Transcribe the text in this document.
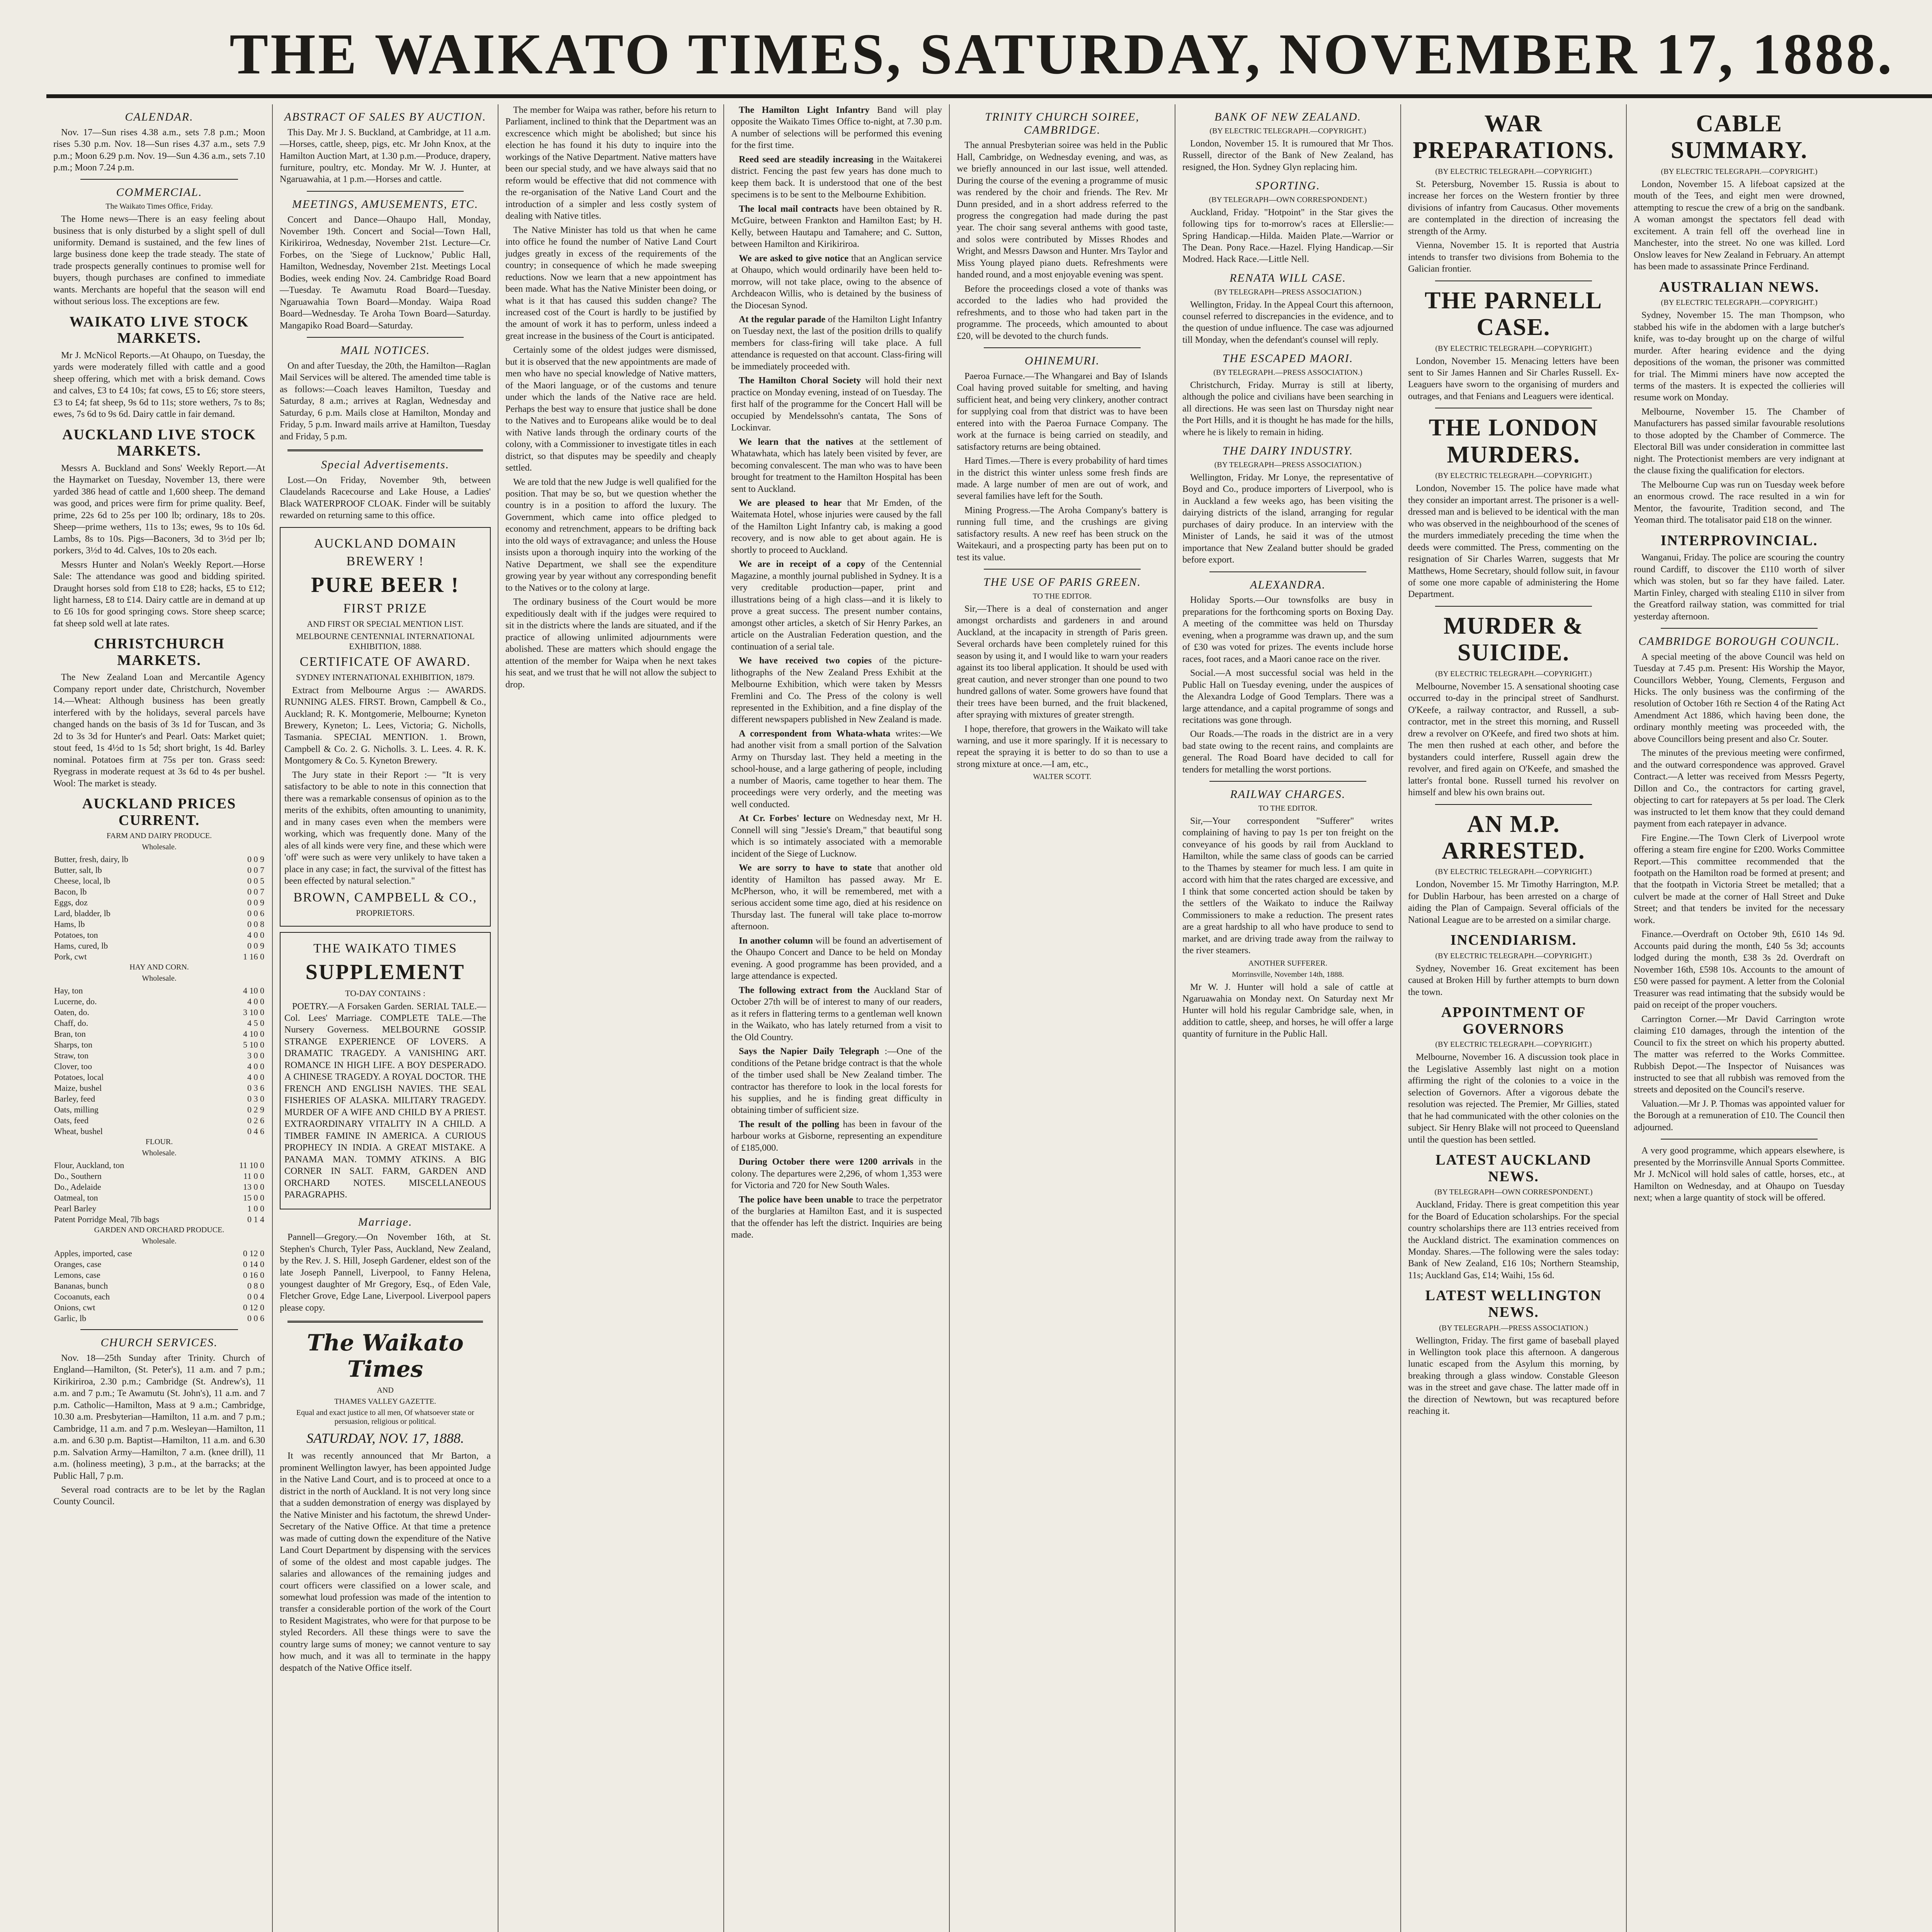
THE WAIKATO TIMES, SATURDAY, NOVEMBER 17, 1888.
CALENDAR.

Nov. 17—Sun rises 4.38 a.m., sets 7.8 p.m.; Moon rises 5.30 p.m. Nov. 18—Sun rises 4.37 a.m., sets 7.9 p.m.; Moon 6.29 p.m. Nov. 19—Sun 4.36 a.m., sets 7.10 p.m.; Moon 7.24 p.m.

COMMERCIAL.
The Waikato Times Office, Friday.

The Home news—There is an easy feeling about business that is only disturbed by a slight spell of dull uniformity. Demand is sustained, and the few lines of large business done keep the trade steady. The state of trade prospects generally continues to promise well for buyers, though purchases are confined to immediate wants. Merchants are hopeful that the season will end without serious loss. The exceptions are few.

WAIKATO LIVE STOCK MARKETS.

Mr J. McNicol Reports.—At Ohaupo, on Tuesday, the yards were moderately filled with cattle and a good sheep offering, which met with a brisk demand. Cows and calves, £3 to £4 10s; fat cows, £5 to £6; store steers, £3 to £4; fat sheep, 9s 6d to 11s; store wethers, 7s to 8s; ewes, 7s 6d to 9s 6d. Dairy cattle in fair demand.

AUCKLAND LIVE STOCK MARKETS.

Messrs A. Buckland and Sons' Weekly Report.—At the Haymarket on Tuesday, November 13, there were yarded 386 head of cattle and 1,600 sheep. The demand was good, and prices were firm for prime quality. Beef, prime, 22s 6d to 25s per 100 lb; ordinary, 18s to 20s. Sheep—prime wethers, 11s to 13s; ewes, 9s to 10s 6d. Lambs, 8s to 10s. Pigs—Baconers, 3d to 3½d per lb; porkers, 3½d to 4d. Calves, 10s to 20s each.

Messrs Hunter and Nolan's Weekly Report.—Horse Sale: The attendance was good and bidding spirited. Draught horses sold from £18 to £28; hacks, £5 to £12; light harness, £8 to £14. Dairy cattle are in demand at up to £6 10s for good springing cows. Store sheep scarce; fat sheep sold well at late rates.

CHRISTCHURCH MARKETS.

The New Zealand Loan and Mercantile Agency Company report under date, Christchurch, November 14.—Wheat: Although business has been greatly interfered with by the holidays, several parcels have changed hands on the basis of 3s 1d for Tuscan, and 3s 2d to 3s 3d for Hunter's and Pearl. Oats: Market quiet; stout feed, 1s 4½d to 1s 5d; short bright, 1s 4d. Barley nominal. Potatoes firm at 75s per ton. Grass seed: Ryegrass in moderate request at 3s 6d to 4s per bushel. Wool: The market is steady.

AUCKLAND PRICES CURRENT.
FARM AND DAIRY PRODUCE.
Wholesale.
Butter, fresh, dairy, lb	0 0 9
Butter, salt, lb	0 0 7
Cheese, local, lb	0 0 5
Bacon, lb	0 0 7
Eggs, doz	0 0 9
Lard, bladder, lb	0 0 6
Hams, lb	0 0 8
Potatoes, ton	4 0 0
Hams, cured, lb	0 0 9
Pork, cwt	1 16 0
HAY AND CORN.
Wholesale.
Hay, ton	4 10 0
Lucerne, do.	4 0 0
Oaten, do.	3 10 0
Chaff, do.	4 5 0
Bran, ton	4 10 0
Sharps, ton	5 10 0
Straw, ton	3 0 0
Clover, too	4 0 0
Potatoes, local	4 0 0
Maize, bushel	0 3 6
Barley, feed	0 3 0
Oats, milling	0 2 9
Oats, feed	0 2 6
Wheat, bushel	0 4 6
FLOUR.
Wholesale.
Flour, Auckland, ton	11 10 0
Do., Southern	11 0 0
Do., Adelaide	13 0 0
Oatmeal, ton	15 0 0
Pearl Barley	1 0 0
Patent Porridge Meal, 7lb bags	0 1 4
GARDEN AND ORCHARD PRODUCE.
Wholesale.
Apples, imported, case	0 12 0
Oranges, case	0 14 0
Lemons, case	0 16 0
Bananas, bunch	0 8 0
Cocoanuts, each	0 0 4
Onions, cwt	0 12 0
Garlic, lb	0 0 6
CHURCH SERVICES.

Nov. 18—25th Sunday after Trinity. Church of England—Hamilton, (St. Peter's), 11 a.m. and 7 p.m.; Kirikiriroa, 2.30 p.m.; Cambridge (St. Andrew's), 11 a.m. and 7 p.m.; Te Awamutu (St. John's), 11 a.m. and 7 p.m. Catholic—Hamilton, Mass at 9 a.m.; Cambridge, 10.30 a.m. Presbyterian—Hamilton, 11 a.m. and 7 p.m.; Cambridge, 11 a.m. and 7 p.m. Wesleyan—Hamilton, 11 a.m. and 6.30 p.m. Baptist—Hamilton, 11 a.m. and 6.30 p.m. Salvation Army—Hamilton, 7 a.m. (knee drill), 11 a.m. (holiness meeting), 3 p.m., at the barracks; at the Public Hall, 7 p.m.

Several road contracts are to be let by the Raglan County Council.

ABSTRACT OF SALES BY AUCTION.

This Day. Mr J. S. Buckland, at Cambridge, at 11 a.m.—Horses, cattle, sheep, pigs, etc. Mr John Knox, at the Hamilton Auction Mart, at 1.30 p.m.—Produce, drapery, furniture, poultry, etc. Monday. Mr W. J. Hunter, at Ngaruawahia, at 1 p.m.—Horses and cattle.

MEETINGS, AMUSEMENTS, ETC.

Concert and Dance—Ohaupo Hall, Monday, November 19th. Concert and Social—Town Hall, Kirikiriroa, Wednesday, November 21st. Lecture—Cr. Forbes, on the 'Siege of Lucknow,' Public Hall, Hamilton, Wednesday, November 21st. Meetings Local Bodies, week ending Nov. 24. Cambridge Road Board—Tuesday. Te Awamutu Road Board—Tuesday. Ngaruawahia Town Board—Monday. Waipa Road Board—Wednesday. Te Aroha Town Board—Saturday. Mangapiko Road Board—Saturday.

MAIL NOTICES.

On and after Tuesday, the 20th, the Hamilton—Raglan Mail Services will be altered. The amended time table is as follows:—Coach leaves Hamilton, Tuesday and Saturday, 8 a.m.; arrives at Raglan, Wednesday and Saturday, 6 p.m. Mails close at Hamilton, Monday and Friday, 5 p.m. Inward mails arrive at Hamilton, Tuesday and Friday, 5 p.m.

Special Advertisements.

Lost.—On Friday, November 9th, between Claudelands Racecourse and Lake House, a Ladies' Black WATERPROOF CLOAK. Finder will be suitably rewarded on returning same to this office.

AUCKLAND DOMAIN
BREWERY !
PURE BEER !
FIRST PRIZE
AND FIRST OR SPECIAL MENTION LIST.
MELBOURNE CENTENNIAL INTERNATIONAL EXHIBITION, 1888.
CERTIFICATE OF AWARD.
SYDNEY INTERNATIONAL EXHIBITION, 1879.

Extract from Melbourne Argus :— AWARDS. RUNNING ALES. FIRST. Brown, Campbell & Co., Auckland; R. K. Montgomerie, Melbourne; Kyneton Brewery, Kyneton; L. Lees, Victoria; G. Nicholls, Tasmania. SPECIAL MENTION. 1. Brown, Campbell & Co. 2. G. Nicholls. 3. L. Lees. 4. R. K. Montgomery & Co. 5. Kyneton Brewery.

The Jury state in their Report :— "It is very satisfactory to be able to note in this connection that there was a remarkable consensus of opinion as to the merits of the exhibits, often amounting to unanimity, and in many cases even when the members were working, which was frequently done. Many of the ales of all kinds were very fine, and these which were 'off' were such as were very unlikely to have taken a place in any case; in fact, the survival of the fittest has been effected by natural selection."

BROWN, CAMPBELL & CO.,
PROPRIETORS.
THE WAIKATO TIMES
SUPPLEMENT
TO-DAY CONTAINS :

POETRY.—A Forsaken Garden. SERIAL TALE.—Col. Lees' Marriage. COMPLETE TALE.—The Nursery Governess. MELBOURNE GOSSIP. STRANGE EXPERIENCE OF LOVERS. A DRAMATIC TRAGEDY. A VANISHING ART. ROMANCE IN HIGH LIFE. A BOY DESPERADO. A CHINESE TRAGEDY. A ROYAL DOCTOR. THE FRENCH AND ENGLISH NAVIES. THE SEAL FISHERIES OF ALASKA. MILITARY TRAGEDY. MURDER OF A WIFE AND CHILD BY A PRIEST. EXTRAORDINARY VITALITY IN A CHILD. A TIMBER FAMINE IN AMERICA. A CURIOUS PROPHECY IN INDIA. A GREAT MISTAKE. A PANAMA MAN. TOMMY ATKINS. A BIG CORNER IN SALT. FARM, GARDEN AND ORCHARD NOTES. MISCELLANEOUS PARAGRAPHS.

Marriage.

Pannell—Gregory.—On November 16th, at St. Stephen's Church, Tyler Pass, Auckland, New Zealand, by the Rev. J. S. Hill, Joseph Gardener, eldest son of the late Joseph Pannell, Liverpool, to Fanny Helena, youngest daughter of Mr Gregory, Esq., of Eden Vale, Fletcher Grove, Edge Lane, Liverpool. Liverpool papers please copy.

The Waikato Times
AND
THAMES VALLEY GAZETTE.
Equal and exact justice to all men, Of whatsoever state or persuasion, religious or political.
SATURDAY, NOV. 17, 1888.

It was recently announced that Mr Barton, a prominent Wellington lawyer, has been appointed Judge in the Native Land Court, and is to proceed at once to a district in the north of Auckland. It is not very long since that a sudden demonstration of energy was displayed by the Native Minister and his factotum, the shrewd Under-Secretary of the Native Office. At that time a pretence was made of cutting down the expenditure of the Native Land Court Department by dispensing with the services of some of the oldest and most capable judges. The salaries and allowances of the remaining judges and court officers were classified on a lower scale, and somewhat loud profession was made of the intention to transfer a considerable portion of the work of the Court to Resident Magistrates, who were for that purpose to be styled Recorders. All these things were to save the country large sums of money; we cannot venture to say how much, and it was all to terminate in the happy despatch of the Native Office itself.

The member for Waipa was rather, before his return to Parliament, inclined to think that the Department was an excrescence which might be abolished; but since his election he has found it his duty to inquire into the workings of the Native Department. Native matters have been our special study, and we have always said that no reform would be effective that did not commence with the re-organisation of the Native Land Court and the introduction of a simpler and less costly system of dealing with Native titles.

The Native Minister has told us that when he came into office he found the number of Native Land Court judges greatly in excess of the requirements of the country; in consequence of which he made sweeping reductions. Now we learn that a new appointment has been made. What has the Native Minister been doing, or what is it that has caused this sudden change? The increased cost of the Court is hardly to be justified by the amount of work it has to perform, unless indeed a great increase in the business of the Court is anticipated.

Certainly some of the oldest judges were dismissed, but it is observed that the new appointments are made of men who have no special knowledge of Native matters, of the Maori language, or of the customs and tenure under which the lands of the Native race are held. Perhaps the best way to ensure that justice shall be done to the Natives and to Europeans alike would be to deal with Native lands through the ordinary courts of the colony, with a Commissioner to investigate titles in each district, so that disputes may be speedily and cheaply settled.

We are told that the new Judge is well qualified for the position. That may be so, but we question whether the country is in a position to afford the luxury. The Government, which came into office pledged to economy and retrenchment, appears to be drifting back into the old ways of extravagance; and unless the House insists upon a thorough inquiry into the working of the Native Department, we shall see the expenditure growing year by year without any corresponding benefit to the Natives or to the colony at large.

The ordinary business of the Court would be more expeditiously dealt with if the judges were required to sit in the districts where the lands are situated, and if the practice of allowing unlimited adjournments were abolished. These are matters which should engage the attention of the member for Waipa when he next takes his seat, and we trust that he will not allow the subject to drop.

The Hamilton Light Infantry Band will play opposite the Waikato Times Office to-night, at 7.30 p.m. A number of selections will be performed this evening for the first time.

Reed seed are steadily increasing in the Waitakerei district. Fencing the past few years has done much to keep them back. It is understood that one of the best specimens is to be sent to the Melbourne Exhibition.

The local mail contracts have been obtained by R. McGuire, between Frankton and Hamilton East; by H. Kelly, between Hautapu and Tamahere; and C. Sutton, between Hamilton and Kirikiriroa.

We are asked to give notice that an Anglican service at Ohaupo, which would ordinarily have been held to-morrow, will not take place, owing to the absence of Archdeacon Willis, who is detained by the business of the Diocesan Synod.

At the regular parade of the Hamilton Light Infantry on Tuesday next, the last of the position drills to qualify members for class-firing will take place. A full attendance is requested on that account. Class-firing will be immediately proceeded with.

The Hamilton Choral Society will hold their next practice on Monday evening, instead of on Tuesday. The first half of the programme for the Concert Hall will be occupied by Mendelssohn's cantata, The Sons of Lockinvar.

We learn that the natives at the settlement of Whatawhata, which has lately been visited by fever, are becoming convalescent. The man who was to have been brought for treatment to the Hamilton Hospital has been sent to Auckland.

We are pleased to hear that Mr Emden, of the Waitemata Hotel, whose injuries were caused by the fall of the Hamilton Light Infantry cab, is making a good recovery, and is now able to get about again. He is shortly to proceed to Auckland.

We are in receipt of a copy of the Centennial Magazine, a monthly journal published in Sydney. It is a very creditable production—paper, print and illustrations being of a high class—and it is likely to prove a great success. The present number contains, amongst other articles, a sketch of Sir Henry Parkes, an article on the Australian Federation question, and the continuation of a serial tale.

We have received two copies of the picture-lithographs of the New Zealand Press Exhibit at the Melbourne Exhibition, which were taken by Messrs Fremlini and Co. The Press of the colony is well represented in the Exhibition, and a fine display of the different newspapers published in New Zealand is made.

A correspondent from Whata-whata writes:—We had another visit from a small portion of the Salvation Army on Thursday last. They held a meeting in the school-house, and a large gathering of people, including a number of Maoris, came together to hear them. The proceedings were very orderly, and the meeting was well conducted.

At Cr. Forbes' lecture on Wednesday next, Mr H. Connell will sing "Jessie's Dream," that beautiful song which is so intimately associated with a memorable incident of the Siege of Lucknow.

We are sorry to have to state that another old identity of Hamilton has passed away. Mr E. McPherson, who, it will be remembered, met with a serious accident some time ago, died at his residence on Thursday last. The funeral will take place to-morrow afternoon.

In another column will be found an advertisement of the Ohaupo Concert and Dance to be held on Monday evening. A good programme has been provided, and a large attendance is expected.

The following extract from the Auckland Star of October 27th will be of interest to many of our readers, as it refers in flattering terms to a gentleman well known in the Waikato, who has lately returned from a visit to the Old Country.

Says the Napier Daily Telegraph :—One of the conditions of the Petane bridge contract is that the whole of the timber used shall be New Zealand timber. The contractor has therefore to look in the local forests for his supplies, and he is finding great difficulty in obtaining timber of sufficient size.

The result of the polling has been in favour of the harbour works at Gisborne, representing an expenditure of £185,000.

During October there were 1200 arrivals in the colony. The departures were 2,296, of whom 1,353 were for Victoria and 720 for New South Wales.

The police have been unable to trace the perpetrator of the burglaries at Hamilton East, and it is suspected that the offender has left the district. Inquiries are being made.

TRINITY CHURCH SOIREE, CAMBRIDGE.

The annual Presbyterian soiree was held in the Public Hall, Cambridge, on Wednesday evening, and was, as we briefly announced in our last issue, well attended. During the course of the evening a programme of music was rendered by the choir and friends. The Rev. Mr Dunn presided, and in a short address referred to the progress the congregation had made during the past year. The choir sang several anthems with good taste, and solos were contributed by Misses Rhodes and Wright, and Messrs Dawson and Hunter. Mrs Taylor and Miss Young played piano duets. Refreshments were handed round, and a most enjoyable evening was spent.

Before the proceedings closed a vote of thanks was accorded to the ladies who had provided the refreshments, and to those who had taken part in the programme. The proceeds, which amounted to about £20, will be devoted to the church funds.

OHINEMURI.

Paeroa Furnace.—The Whangarei and Bay of Islands Coal having proved suitable for smelting, and having sufficient heat, and being very clinkery, another contract for supplying coal from that district was to have been entered into with the Paeroa Furnace Company. The work at the furnace is being carried on steadily, and satisfactory returns are being obtained.

Hard Times.—There is every probability of hard times in the district this winter unless some fresh finds are made. A large number of men are out of work, and several families have left for the South.

Mining Progress.—The Aroha Company's battery is running full time, and the crushings are giving satisfactory results. A new reef has been struck on the Waitekauri, and a prospecting party has been put on to test its value.

THE USE OF PARIS GREEN.
TO THE EDITOR.

Sir,—There is a deal of consternation and anger amongst orchardists and gardeners in and around Auckland, at the incapacity in strength of Paris green. Several orchards have been completely ruined for this season by using it, and I would like to warn your readers against its too liberal application. It should be used with great caution, and never stronger than one pound to two hundred gallons of water. Some growers have found that their trees have been burned, and the fruit blackened, after spraying with mixtures of greater strength.

I hope, therefore, that growers in the Waikato will take warning, and use it more sparingly. If it is necessary to repeat the spraying it is better to do so than to use a strong mixture at once.—I am, etc.,

WALTER SCOTT.
BANK OF NEW ZEALAND.
(BY ELECTRIC TELEGRAPH.—COPYRIGHT.)

London, November 15. It is rumoured that Mr Thos. Russell, director of the Bank of New Zealand, has resigned, the Hon. Sydney Glyn replacing him.

SPORTING.
(BY TELEGRAPH—OWN CORRESPONDENT.)

Auckland, Friday. "Hotpoint" in the Star gives the following tips for to-morrow's races at Ellerslie:—Spring Handicap.—Hilda. Maiden Plate.—Warrior or The Dean. Pony Race.—Hazel. Flying Handicap.—Sir Modred. Hack Race.—Little Nell.

RENATA WILL CASE.
(BY TELEGRAPH—PRESS ASSOCIATION.)

Wellington, Friday. In the Appeal Court this afternoon, counsel referred to discrepancies in the evidence, and to the question of undue influence. The case was adjourned till Monday, when the defendant's counsel will reply.

THE ESCAPED MAORI.
(BY TELEGRAPH.—PRESS ASSOCIATION.)

Christchurch, Friday. Murray is still at liberty, although the police and civilians have been searching in all directions. He was seen last on Thursday night near the Port Hills, and it is thought he has made for the hills, where he is likely to remain in hiding.

THE DAIRY INDUSTRY.
(BY TELEGRAPH—PRESS ASSOCIATION.)

Wellington, Friday. Mr Lonye, the representative of Boyd and Co., produce importers of Liverpool, who is in Auckland a few weeks ago, has been visiting the dairying districts of the island, arranging for regular purchases of dairy produce. In an interview with the Minister of Lands, he said it was of the utmost importance that New Zealand butter should be graded before export.

ALEXANDRA.

Holiday Sports.—Our townsfolks are busy in preparations for the forthcoming sports on Boxing Day. A meeting of the committee was held on Thursday evening, when a programme was drawn up, and the sum of £30 was voted for prizes. The events include horse races, foot races, and a Maori canoe race on the river.

Social.—A most successful social was held in the Public Hall on Tuesday evening, under the auspices of the Alexandra Lodge of Good Templars. There was a large attendance, and a capital programme of songs and recitations was gone through.

Our Roads.—The roads in the district are in a very bad state owing to the recent rains, and complaints are general. The Road Board have decided to call for tenders for metalling the worst portions.

RAILWAY CHARGES.
TO THE EDITOR.

Sir,—Your correspondent "Sufferer" writes complaining of having to pay 1s per ton freight on the conveyance of his goods by rail from Auckland to Hamilton, while the same class of goods can be carried to the Thames by steamer for much less. I am quite in accord with him that the rates charged are excessive, and I think that some concerted action should be taken by the settlers of the Waikato to induce the Railway Commissioners to make a reduction. The present rates are a great hardship to all who have produce to send to market, and are driving trade away from the railway to the river steamers.

ANOTHER SUFFERER.
Morrinsville, November 14th, 1888.

Mr W. J. Hunter will hold a sale of cattle at Ngaruawahia on Monday next. On Saturday next Mr Hunter will hold his regular Cambridge sale, when, in addition to cattle, sheep, and horses, he will offer a large quantity of furniture in the Public Hall.

WAR PREPARATIONS.
(BY ELECTRIC TELEGRAPH.—COPYRIGHT.)

St. Petersburg, November 15. Russia is about to increase her forces on the Western frontier by three divisions of infantry from Caucasus. Other movements are contemplated in the direction of increasing the strength of the Army.

Vienna, November 15. It is reported that Austria intends to transfer two divisions from Bohemia to the Galician frontier.

THE PARNELL CASE.
(BY ELECTRIC TELEGRAPH.—COPYRIGHT.)

London, November 15. Menacing letters have been sent to Sir James Hannen and Sir Charles Russell. Ex-Leaguers have sworn to the organising of murders and outrages, and that Fenians and Leaguers were identical.

THE LONDON MURDERS.
(BY ELECTRIC TELEGRAPH.—COPYRIGHT.)

London, November 15. The police have made what they consider an important arrest. The prisoner is a well-dressed man and is believed to be identical with the man who was observed in the neighbourhood of the scenes of the murders immediately preceding the time when the deeds were committed. The Press, commenting on the resignation of Sir Charles Warren, suggests that Mr Matthews, Home Secretary, should follow suit, in favour of some one more capable of administering the Home Department.

MURDER & SUICIDE.
(BY ELECTRIC TELEGRAPH.—COPYRIGHT.)

Melbourne, November 15. A sensational shooting case occurred to-day in the principal street of Sandhurst. O'Keefe, a railway contractor, and Russell, a sub-contractor, met in the street this morning, and Russell drew a revolver on O'Keefe, and fired two shots at him. The men then rushed at each other, and before the bystanders could interfere, Russell again drew the revolver, and fired again on O'Keefe, and smashed the latter's frontal bone. Russell turned his revolver on himself and blew his own brains out.

AN M.P. ARRESTED.
(BY ELECTRIC TELEGRAPH.—COPYRIGHT.)

London, November 15. Mr Timothy Harrington, M.P. for Dublin Harbour, has been arrested on a charge of aiding the Plan of Campaign. Several officials of the National League are to be arrested on a similar charge.

INCENDIARISM.
(BY ELECTRIC TELEGRAPH.—COPYRIGHT.)

Sydney, November 16. Great excitement has been caused at Broken Hill by further attempts to burn down the town.

APPOINTMENT OF GOVERNORS
(BY ELECTRIC TELEGRAPH.—COPYRIGHT.)

Melbourne, November 16. A discussion took place in the Legislative Assembly last night on a motion affirming the right of the colonies to a voice in the selection of Governors. After a vigorous debate the resolution was rejected. The Premier, Mr Gillies, stated that he had communicated with the other colonies on the subject. Sir Henry Blake will not proceed to Queensland until the question has been settled.

LATEST AUCKLAND NEWS.
(BY TELEGRAPH—OWN CORRESPONDENT.)

Auckland, Friday. There is great competition this year for the Board of Education scholarships. For the special country scholarships there are 113 entries received from the Auckland district. The examination commences on Monday. Shares.—The following were the sales today: Bank of New Zealand, £16 10s; Northern Steamship, 11s; Auckland Gas, £14; Waihi, 15s 6d.

LATEST WELLINGTON NEWS.
(BY TELEGRAPH.—PRESS ASSOCIATION.)

Wellington, Friday. The first game of baseball played in Wellington took place this afternoon. A dangerous lunatic escaped from the Asylum this morning, by breaking through a glass window. Constable Gleeson was in the street and gave chase. The latter made off in the direction of Newtown, but was recaptured before reaching it.

CABLE SUMMARY.
(BY ELECTRIC TELEGRAPH.—COPYRIGHT.)

London, November 15. A lifeboat capsized at the mouth of the Tees, and eight men were drowned, attempting to rescue the crew of a brig on the sandbank. A woman amongst the spectators fell dead with excitement. A train fell off the overhead line in Manchester, into the street. No one was killed. Lord Onslow leaves for New Zealand in February. An attempt has been made to assassinate Prince Ferdinand.

AUSTRALIAN NEWS.
(BY ELECTRIC TELEGRAPH.—COPYRIGHT.)

Sydney, November 15. The man Thompson, who stabbed his wife in the abdomen with a large butcher's knife, was to-day brought up on the charge of wilful murder. After hearing evidence and the dying depositions of the woman, the prisoner was committed for trial. The Mimmi miners have now accepted the terms of the masters. It is expected the collieries will resume work on Monday.

Melbourne, November 15. The Chamber of Manufacturers has passed similar favourable resolutions to those adopted by the Chamber of Commerce. The Electoral Bill was under consideration in committee last night. The Protectionist members are very indignant at the clause fixing the qualification for electors.

The Melbourne Cup was run on Tuesday week before an enormous crowd. The race resulted in a win for Mentor, the favourite, Tradition second, and The Yeoman third. The totalisator paid £18 on the winner.

INTERPROVINCIAL.

Wanganui, Friday. The police are scouring the country round Cardiff, to discover the £110 worth of silver which was stolen, but so far they have failed. Later. Martin Finley, charged with stealing £110 in silver from the Greatford railway station, was committed for trial yesterday afternoon.

CAMBRIDGE BOROUGH COUNCIL.

A special meeting of the above Council was held on Tuesday at 7.45 p.m. Present: His Worship the Mayor, Councillors Webber, Young, Clements, Ferguson and Hicks. The only business was the confirming of the resolution of October 16th re Section 4 of the Rating Act Amendment Act 1886, which having been done, the ordinary monthly meeting was proceeded with, the above Councillors being present and also Cr. Souter.

The minutes of the previous meeting were confirmed, and the outward correspondence was approved. Gravel Contract.—A letter was received from Messrs Pegerty, Dillon and Co., the contractors for carting gravel, objecting to cart for ratepayers at 5s per load. The Clerk was instructed to let them know that they could demand payment from each ratepayer in advance.

Fire Engine.—The Town Clerk of Liverpool wrote offering a steam fire engine for £200. Works Committee Report.—This committee recommended that the footpath on the Hamilton road be formed at present; and that the footpath in Victoria Street be metalled; that a culvert be made at the corner of Hall Street and Duke Street; and that tenders be invited for the necessary work.

Finance.—Overdraft on October 9th, £610 14s 9d. Accounts paid during the month, £40 5s 3d; accounts lodged during the month, £38 3s 2d. Overdraft on November 16th, £598 10s. Accounts to the amount of £50 were passed for payment. A letter from the Colonial Treasurer was read intimating that the subsidy would be paid on receipt of the proper vouchers.

Carrington Corner.—Mr David Carrington wrote claiming £10 damages, through the intention of the Council to fix the street on which his property abutted. The matter was referred to the Works Committee. Rubbish Depot.—The Inspector of Nuisances was instructed to see that all rubbish was removed from the streets and deposited on the Council's reserve.

Valuation.—Mr J. P. Thomas was appointed valuer for the Borough at a remuneration of £10. The Council then adjourned.

A very good programme, which appears elsewhere, is presented by the Morrinsville Annual Sports Committee. Mr J. McNicol will hold sales of cattle, horses, etc., at Hamilton on Wednesday, and at Ohaupo on Tuesday next; when a large quantity of stock will be offered.
